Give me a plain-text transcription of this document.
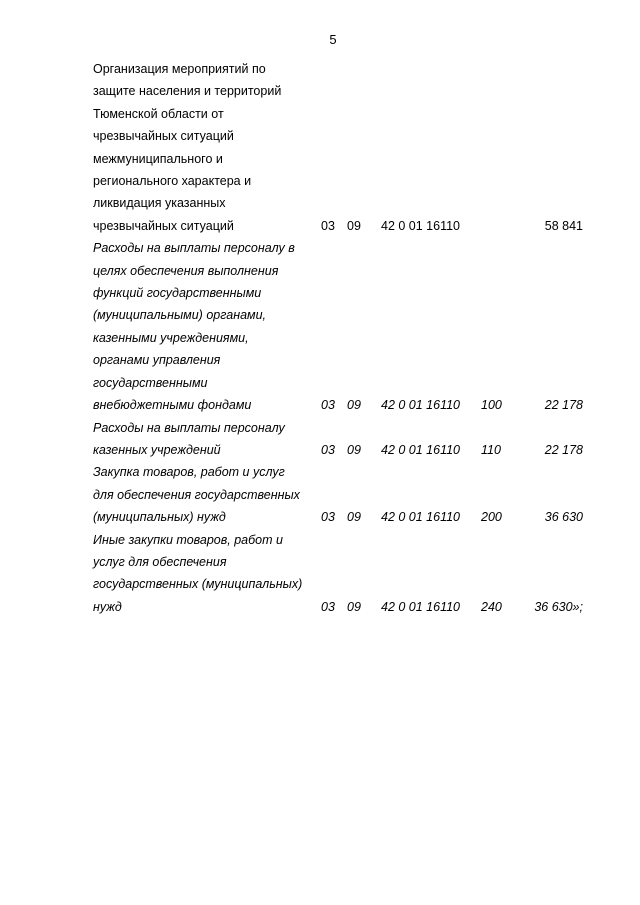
5
Организация мероприятий по
защите населения и территорий
Тюменской области от
чрезвычайных ситуаций
межмуниципального и
регионального характера и
ликвидация указанных
чрезвычайных ситуаций	03 09 42 0 01 16110	58 841
Расходы на выплаты персоналу в
целях обеспечения выполнения
функций государственными
(муниципальными) органами,
казенными учреждениями,
органами управления
государственными
внебюджетными фондами	03 09 42 0 01 16110 100	22 178
Расходы на выплаты персоналу
казенных учреждений	03 09 42 0 01 16110 110	22 178
Закупка товаров, работ и услуг
для обеспечения государственных
(муниципальных) нужд	03 09 42 0 01 16110 200	36 630
Иные закупки товаров, работ и
услуг для обеспечения
государственных (муниципальных)
нужд	03 09 42 0 01 16110 240	36 630»;
